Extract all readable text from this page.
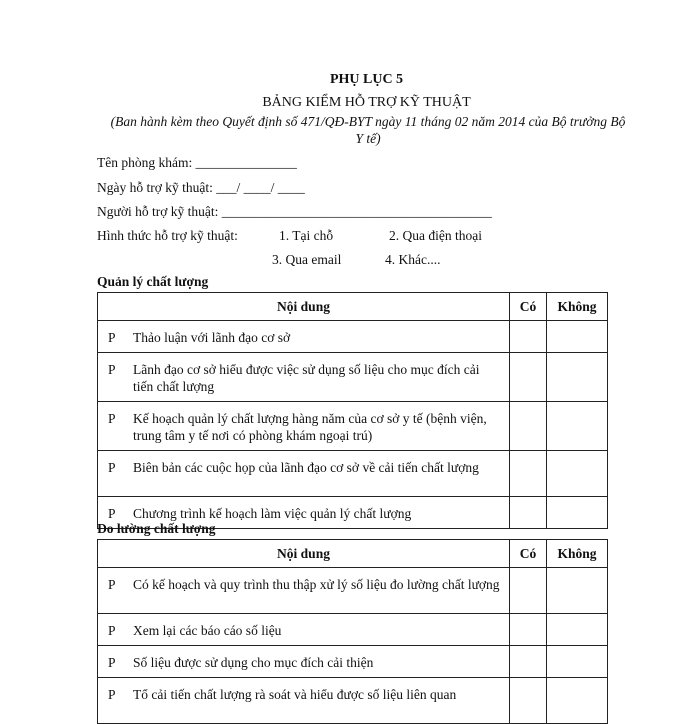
PHỤ LỤC 5
BẢNG KIỂM HỖ TRỢ KỸ THUẬT
(Ban hành kèm theo Quyết định số 471/QĐ-BYT ngày 11 tháng 02 năm 2014 của Bộ trưởng Bộ Y tế)
Tên phòng khám: _______________
Ngày hỗ trợ kỹ thuật: ___/ ____/ ____
Người hỗ trợ kỹ thuật: ________________________________________
Hình thức hỗ trợ kỹ thuật:	1. Tại chỗ	2. Qua điện thoại
3. Qua email	4. Khác....
Quản lý chất lượng
Nội dung	Có	Không

P Thảo luận với lãnh đạo cơ sở		

P Lãnh đạo cơ sở hiểu được việc sử dụng số liệu cho mục đích cải tiến chất lượng		

P Kế hoạch quản lý chất lượng hàng năm của cơ sở y tế (bệnh viện, trung tâm y tế nơi có phòng khám ngoại trú)		

P Biên bản các cuộc họp của lãnh đạo cơ sở về cải tiến chất lượng		

P Chương trình kế hoạch làm việc quản lý chất lượng		

Đo lường chất lượng
Nội dung	Có	Không

P Có kế hoạch và quy trình thu thập xử lý số liệu đo lường chất lượng		

P Xem lại các báo cáo số liệu		

P Số liệu được sử dụng cho mục đích cải thiện		

P Tổ cải tiến chất lượng rà soát và hiểu được số liệu liên quan		
